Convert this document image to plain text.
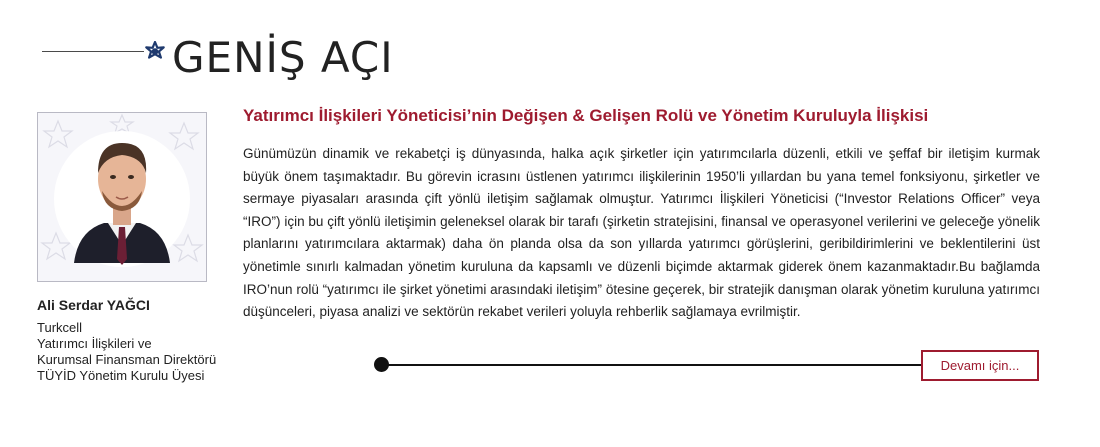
GENİŞ AÇI
Ali Serdar YAĞCI
Turkcell
Yatırımcı İlişkileri ve
Kurumsal Finansman Direktörü
TÜYİD Yönetim Kurulu Üyesi
Yatırımcı İlişkileri Yöneticisi’nin Değişen & Gelişen Rolü ve Yönetim Kuruluyla İlişkisi

Günümüzün dinamik ve rekabetçi iş dünyasında, halka açık şirketler için yatırımcılarla düzenli, etkili ve şeffaf bir iletişim kurmak büyük önem taşımaktadır. Bu görevin icrasını üstlenen yatırımcı ilişkilerinin 1950’li yıllardan bu yana temel fonksiyonu, şirketler ve sermaye piyasaları arasında çift yönlü iletişim sağlamak olmuştur. Yatırımcı İlişkileri Yöneticisi (“Investor Relations Officer” veya “IRO”) için bu çift yönlü iletişimin geleneksel olarak bir tarafı (şirketin stratejisini, finansal ve operasyonel verilerini ve geleceğe yönelik planlarını yatırımcılara aktarmak) daha ön planda olsa da son yıllarda yatırımcı görüşlerini, geribildirimlerini ve beklentilerini üst yönetimle sınırlı kalmadan yönetim kuruluna da kapsamlı ve düzenli biçimde aktarmak giderek önem kazanmaktadır.Bu bağlamda IRO’nun rolü “yatırımcı ile şirket yönetimi arasındaki iletişim” ötesine geçerek, bir stratejik danışman olarak yönetim kuruluna yatırımcı düşünceleri, piyasa analizi ve sektörün rekabet verileri yoluyla rehberlik sağlamaya evrilmiştir.

Devamı için...
